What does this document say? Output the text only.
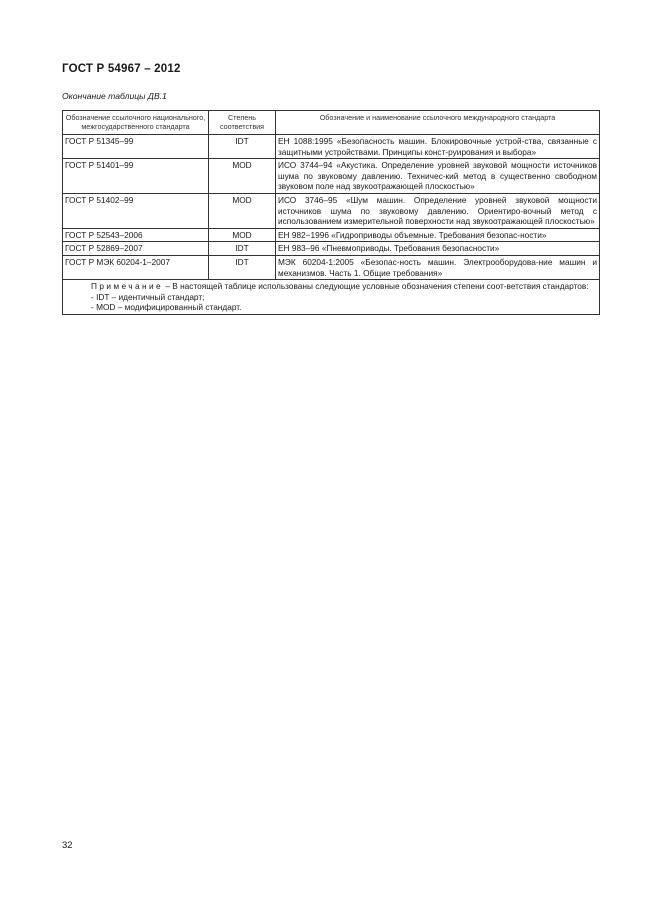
ГОСТ Р 54967 – 2012
Окончание таблицы ДВ.1
Обозначение ссылочного национального, межгосударственного стандарта	Степень соответствия	Обозначение и наименование ссылочного международного стандарта
ГОСТ Р 51345–99	IDT	ЕН 1088:1995 «Безопасность машин. Блокировочные устрой-ства, связанные с защитными устройствами. Принципы конст-руирования и выбора»
ГОСТ Р 51401–99	MOD	ИСО 3744–94 «Акустика. Определение уровней звуковой мощности источников шума по звуковому давлению. Техничес-кий метод в существенно свободном звуковом поле над звукоотражающей плоскостью»
ГОСТ Р 51402–99	MOD	ИСО 3746–95 «Шум машин. Определение уровней звуковой мощности источников шума по звуковому давлению. Ориентиро-вочный метод с использованием измерительной поверхности над звукоотражающей плоскостью»
ГОСТ Р 52543–2006	MOD	ЕН 982−1996 «Гидроприводы объемные. Требования безопас-ности»
ГОСТ Р 52869–2007	IDT	ЕН 983–96 «Пневмоприводы. Требования безопасности»
ГОСТ Р МЭК 60204-1–2007	IDT	МЭК 60204-1:2005 «Безопас-ность машин. Электрооборудова-ние машин и механизмов. Часть 1. Общие требования»

Примечание – В настоящей таблице использованы следующие условные обозначения степени соот-ветствия стандартов:
- IDT – идентичный стандарт;
- MOD – модифицированный стандарт.		
32
